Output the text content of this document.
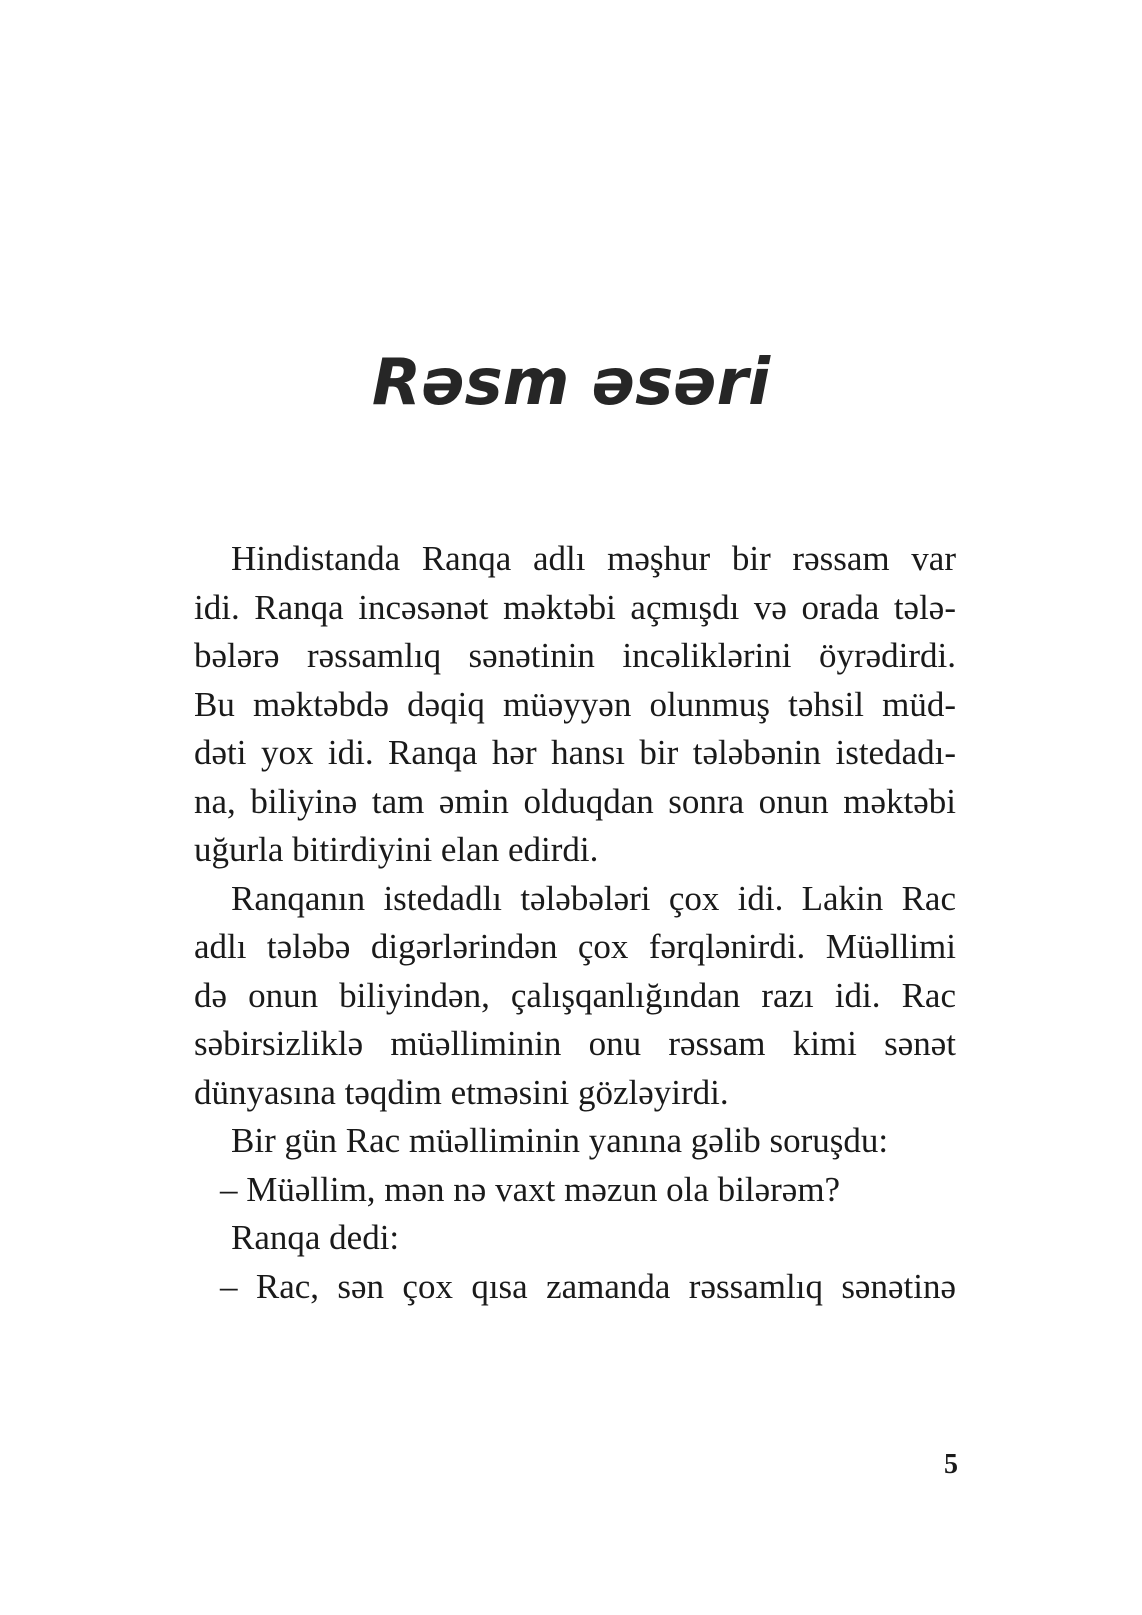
Rəsm əsəri
Hindistanda Ranqa adlı məşhur bir rəssam var
idi. Ranqa incəsənət məktəbi açmışdı və orada tələ-
bələrə rəssamlıq sənətinin incəliklərini öyrədirdi.
Bu məktəbdə dəqiq müəyyən olunmuş təhsil müd-
dəti yox idi. Ranqa hər hansı bir tələbənin istedadı-
na, biliyinə tam əmin olduqdan sonra onun məktəbi
uğurla bitirdiyini elan edirdi.
Ranqanın istedadlı tələbələri çox idi. Lakin Rac
adlı tələbə digərlərindən çox fərqlənirdi. Müəllimi
də onun biliyindən, çalışqanlığından razı idi. Rac
səbirsizliklə müəlliminin onu rəssam kimi sənət
dünyasına təqdim etməsini gözləyirdi.
Bir gün Rac müəlliminin yanına gəlib soruşdu:
– Müəllim, mən nə vaxt məzun ola bilərəm?
Ranqa dedi:
– Rac, sən çox qısa zamanda rəssamlıq sənətinə
5
